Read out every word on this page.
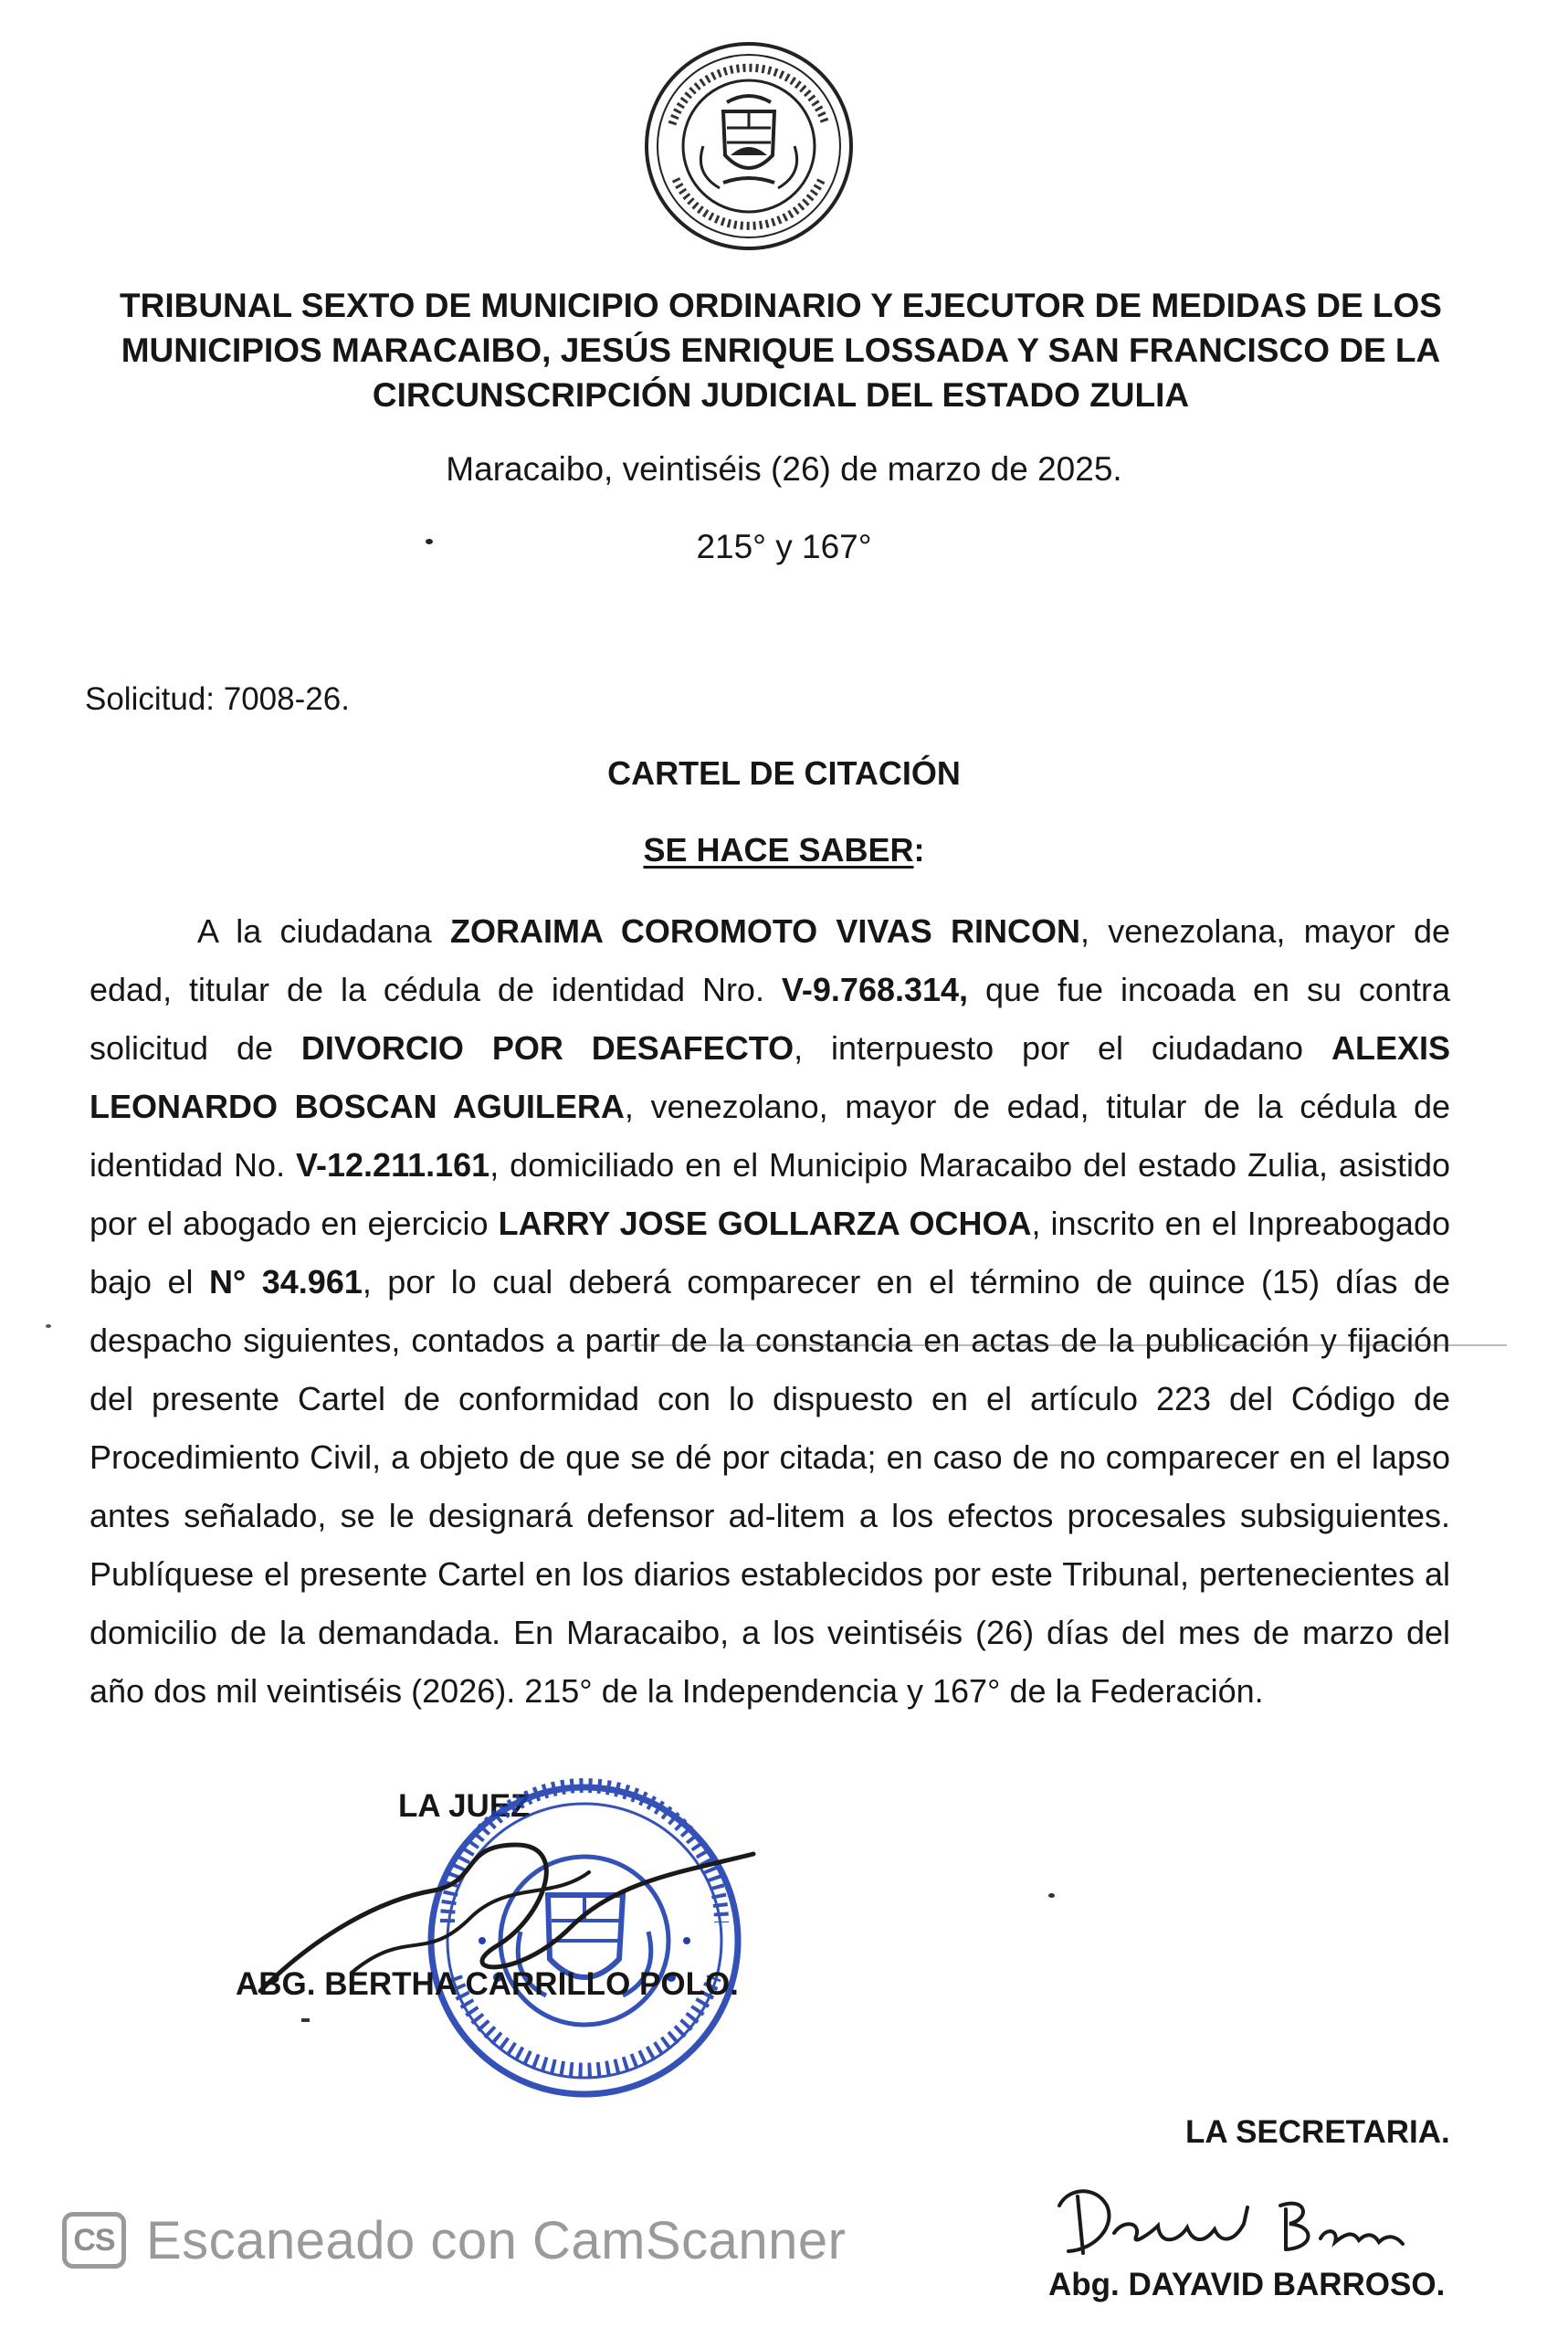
TRIBUNAL SEXTO DE MUNICIPIO ORDINARIO Y EJECUTOR DE MEDIDAS DE LOS
MUNICIPIOS MARACAIBO, JESÚS ENRIQUE LOSSADA Y SAN FRANCISCO DE LA
CIRCUNSCRIPCIÓN JUDICIAL DEL ESTADO ZULIA
Maracaibo, veintiséis (26) de marzo de 2025.
215° y 167°
Solicitud: 7008-26.
CARTEL DE CITACIÓN
SE HACE SABER:
A la ciudadana ZORAIMA COROMOTO VIVAS RINCON, venezolana, mayor de edad, titular de la cédula de identidad Nro. V-9.768.314, que fue incoada en su contra solicitud de DIVORCIO POR DESAFECTO, interpuesto por el ciudadano ALEXIS LEONARDO BOSCAN AGUILERA, venezolano, mayor de edad, titular de la cédula de identidad No. V-12.211.161, domiciliado en el Municipio Maracaibo del estado Zulia, asistido por el abogado en ejercicio LARRY JOSE GOLLARZA OCHOA, inscrito en el Inpreabogado bajo el N° 34.961, por lo cual deberá comparecer en el término de quince (15) días de despacho siguientes, contados a partir de la constancia en actas de la publicación y fijación del presente Cartel de conformidad con lo dispuesto en el artículo 223 del Código de Procedimiento Civil, a objeto de que se dé por citada; en caso de no comparecer en el lapso antes señalado, se le designará defensor ad-litem a los efectos procesales subsiguientes. Publíquese el presente Cartel en los diarios establecidos por este Tribunal, pertenecientes al domicilio de la demandada. En Maracaibo, a los veintiséis (26) días del mes de marzo del año dos mil veintiséis (2026). 215° de la Independencia y 167° de la Federación.
LA JUEZ
ABG. BERTHA CARRILLO POLO.
LA SECRETARIA.
Abg. DAYAVID BARROSO.
CS Escaneado con CamScanner
